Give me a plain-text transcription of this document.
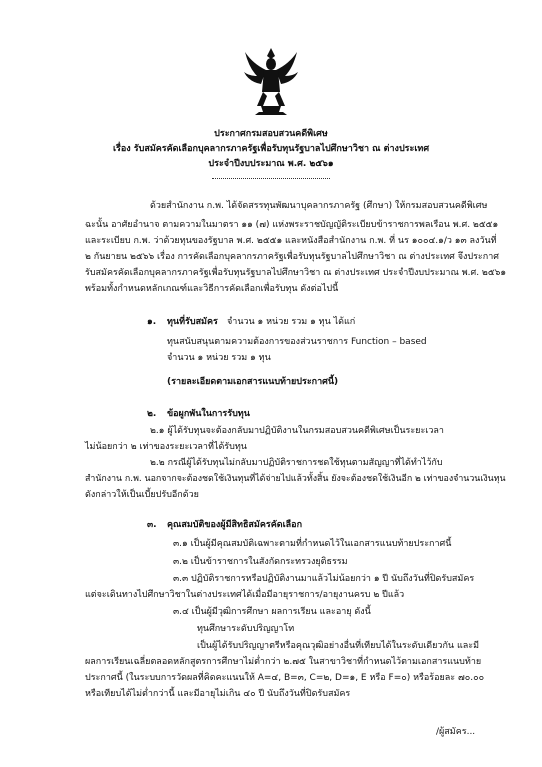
ประกาศกรมสอบสวนคดีพิเศษ

เรื่อง รับสมัครคัดเลือกบุคลากรภาครัฐเพื่อรับทุนรัฐบาลไปศึกษาวิชา ณ ต่างประเทศ

ประจำปีงบประมาณ พ.ศ. ๒๕๖๑

ด้วยสำนักงาน ก.พ. ได้จัดสรรทุนพัฒนาบุคลากรภาครัฐ (ศึกษา) ให้กรมสอบสวนคดีพิเศษ

ฉะนั้น อาศัยอำนาจ ตามความในมาตรา ๑๑ (๗) แห่งพระราชบัญญัติระเบียบข้าราชการพลเรือน พ.ศ. ๒๕๕๑

และระเบียบ ก.พ. ว่าด้วยทุนของรัฐบาล พ.ศ. ๒๕๕๑ และหนังสือสำนักงาน ก.พ. ที่ นร ๑๐๐๔.๑/ว ๑๓ ลงวันที่

๒ กันยายน ๒๕๖๖ เรื่อง การคัดเลือกบุคลากรภาครัฐเพื่อรับทุนรัฐบาลไปศึกษาวิชา ณ ต่างประเทศ จึงประกาศ

รับสมัครคัดเลือกบุคลากรภาครัฐเพื่อรับทุนรัฐบาลไปศึกษาวิชา ณ ต่างประเทศ ประจำปีงบประมาณ พ.ศ. ๒๕๖๑

พร้อมทั้งกำหนดหลักเกณฑ์และวิธีการคัดเลือกเพื่อรับทุน ดังต่อไปนี้

๑. ทุนที่รับสมัคร จำนวน ๑ หน่วย รวม ๑ ทุน ได้แก่

ทุนสนับสนุนตามความต้องการของส่วนราชการ Function – based

จำนวน ๑ หน่วย รวม ๑ ทุน

(รายละเอียดตามเอกสารแนบท้ายประกาศนี้)

๒. ข้อผูกพันในการรับทุน

๒.๑ ผู้ได้รับทุนจะต้องกลับมาปฏิบัติงานในกรมสอบสวนคดีพิเศษเป็นระยะเวลา

ไม่น้อยกว่า ๒ เท่าของระยะเวลาที่ได้รับทุน

๒.๒ กรณีผู้ได้รับทุนไม่กลับมาปฏิบัติราชการชดใช้ทุนตามสัญญาที่ได้ทำไว้กับ

สำนักงาน ก.พ. นอกจากจะต้องชดใช้เงินทุนที่ได้จ่ายไปแล้วทั้งสิ้น ยังจะต้องชดใช้เงินอีก ๒ เท่าของจำนวนเงินทุน

ดังกล่าวให้เป็นเบี้ยปรับอีกด้วย

๓. คุณสมบัติของผู้มีสิทธิสมัครคัดเลือก

๓.๑ เป็นผู้มีคุณสมบัติเฉพาะตามที่กำหนดไว้ในเอกสารแนบท้ายประกาศนี้

๓.๒ เป็นข้าราชการในสังกัดกระทรวงยุติธรรม

๓.๓ ปฏิบัติราชการหรือปฏิบัติงานมาแล้วไม่น้อยกว่า ๑ ปี นับถึงวันที่ปิดรับสมัคร

แต่จะเดินทางไปศึกษาวิชาในต่างประเทศได้เมื่อมีอายุราชการ/อายุงานครบ ๒ ปีแล้ว

๓.๔ เป็นผู้มีวุฒิการศึกษา ผลการเรียน และอายุ ดังนี้

ทุนศึกษาระดับปริญญาโท

เป็นผู้ได้รับปริญญาตรีหรือคุณวุฒิอย่างอื่นที่เทียบได้ในระดับเดียวกัน และมี

ผลการเรียนเฉลี่ยตลอดหลักสูตรการศึกษาไม่ต่ำกว่า ๒.๗๕ ในสาขาวิชาที่กำหนดไว้ตามเอกสารแนบท้าย

ประกาศนี้ (ในระบบการวัดผลที่คิดคะแนนให้ A=๔, B=๓, C=๒, D=๑, E หรือ F=๐) หรือร้อยละ ๗๐.๐๐

หรือเทียบได้ไม่ต่ำกว่านี้ และมีอายุไม่เกิน ๔๐ ปี นับถึงวันที่ปิดรับสมัคร

/ผู้สมัคร...
